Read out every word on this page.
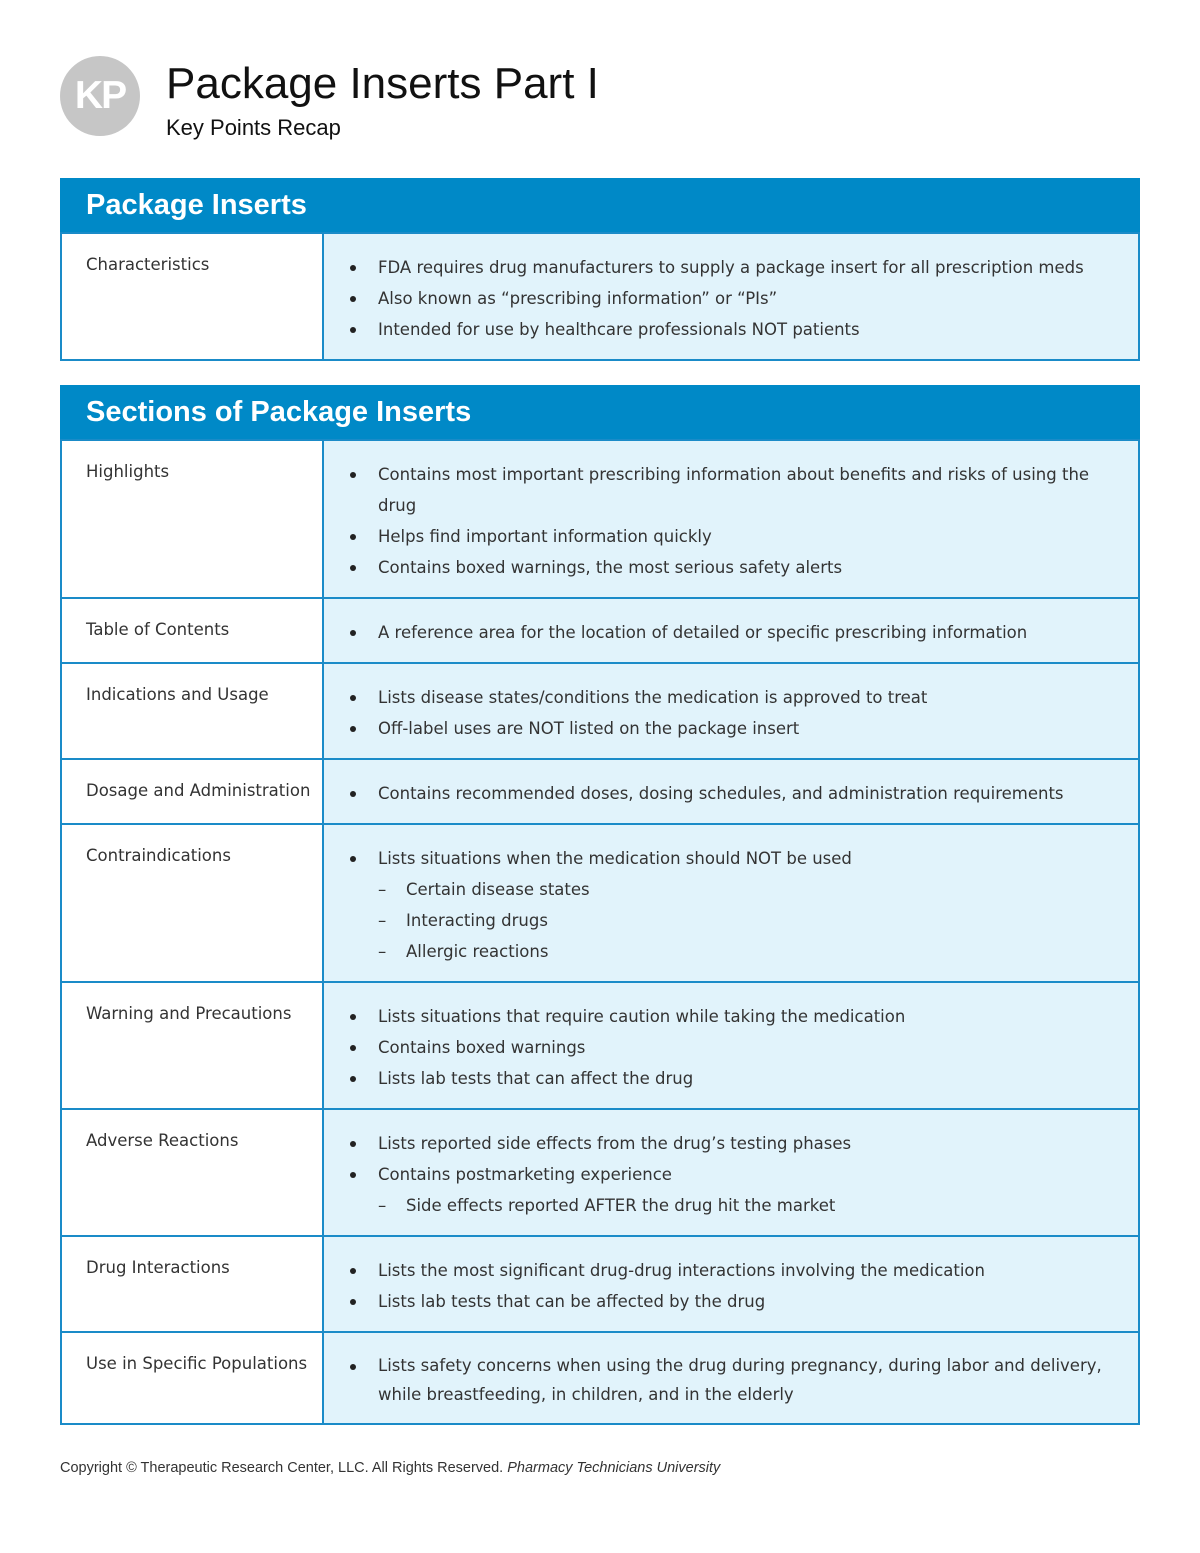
KP Package Inserts Part I
Key Points Recap
Package Inserts
Characteristics	FDA requires drug manufacturers to supply a package insert for all prescription meds
Also known as “prescribing information” or “PIs”
Intended for use by healthcare professionals NOT patients
Sections of Package Inserts
Highlights	Contains most important prescribing information about benefits and risks of using the drug
Helps find important information quickly
Contains boxed warnings, the most serious safety alerts
Table of Contents	A reference area for the location of detailed or specific prescribing information
Indications and Usage	Lists disease states/conditions the medication is approved to treat
Off-label uses are NOT listed on the package insert
Dosage and Administration	Contains recommended doses, dosing schedules, and administration requirements
Contraindications	Lists situations when the medication should NOT be used
– Certain disease states
– Interacting drugs
– Allergic reactions
Warning and Precautions	Lists situations that require caution while taking the medication
Contains boxed warnings
Lists lab tests that can affect the drug
Adverse Reactions	Lists reported side effects from the drug’s testing phases
Contains postmarketing experience
– Side effects reported AFTER the drug hit the market
Drug Interactions	Lists the most significant drug-drug interactions involving the medication
Lists lab tests that can be affected by the drug
Use in Specific Populations	Lists safety concerns when using the drug during pregnancy, during labor and delivery, while breastfeeding, in children, and in the elderly
Copyright © Therapeutic Research Center, LLC. All Rights Reserved. Pharmacy Technicians University
